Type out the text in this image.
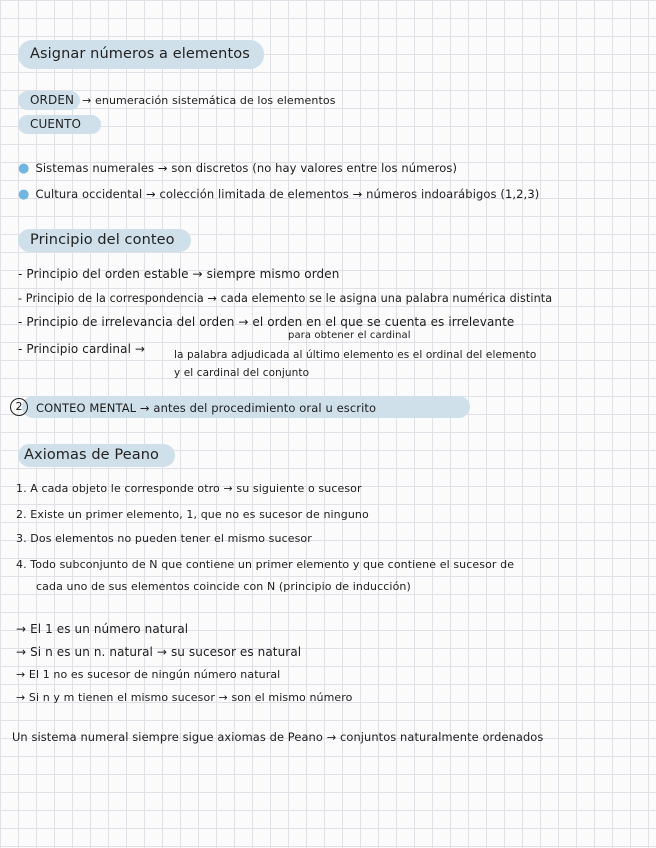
Asignar números a elementos
ORDEN → enumeración sistemática de los elementos
CUENTO
● Sistemas numerales → son discretos (no hay valores entre los números)
● Cultura occidental → colección limitada de elementos → números indoarábigos (1,2,3)
Principio del conteo
- Principio del orden estable → siempre mismo orden
- Principio de la correspondencia → cada elemento se le asigna una palabra numérica distinta
- Principio de irrelevancia del orden → el orden en el que se cuenta es irrelevante
para obtener el cardinal
- Principio cardinal →	la palabra adjudicada al último elemento es el ordinal del elemento
y el cardinal del conjunto
2 CONTEO MENTAL → antes del procedimiento oral u escrito
Axiomas de Peano
1. A cada objeto le corresponde otro → su siguiente o sucesor
2. Existe un primer elemento, 1, que no es sucesor de ninguno
3. Dos elementos no pueden tener el mismo sucesor
4. Todo subconjunto de N que contiene un primer elemento y que contiene el sucesor de
cada uno de sus elementos coincide con N (principio de inducción)
→ El 1 es un número natural
→ Si n es un n. natural → su sucesor es natural
→ El 1 no es sucesor de ningún número natural
→ Si n y m tienen el mismo sucesor → son el mismo número
Un sistema numeral siempre sigue axiomas de Peano → conjuntos naturalmente ordenados
